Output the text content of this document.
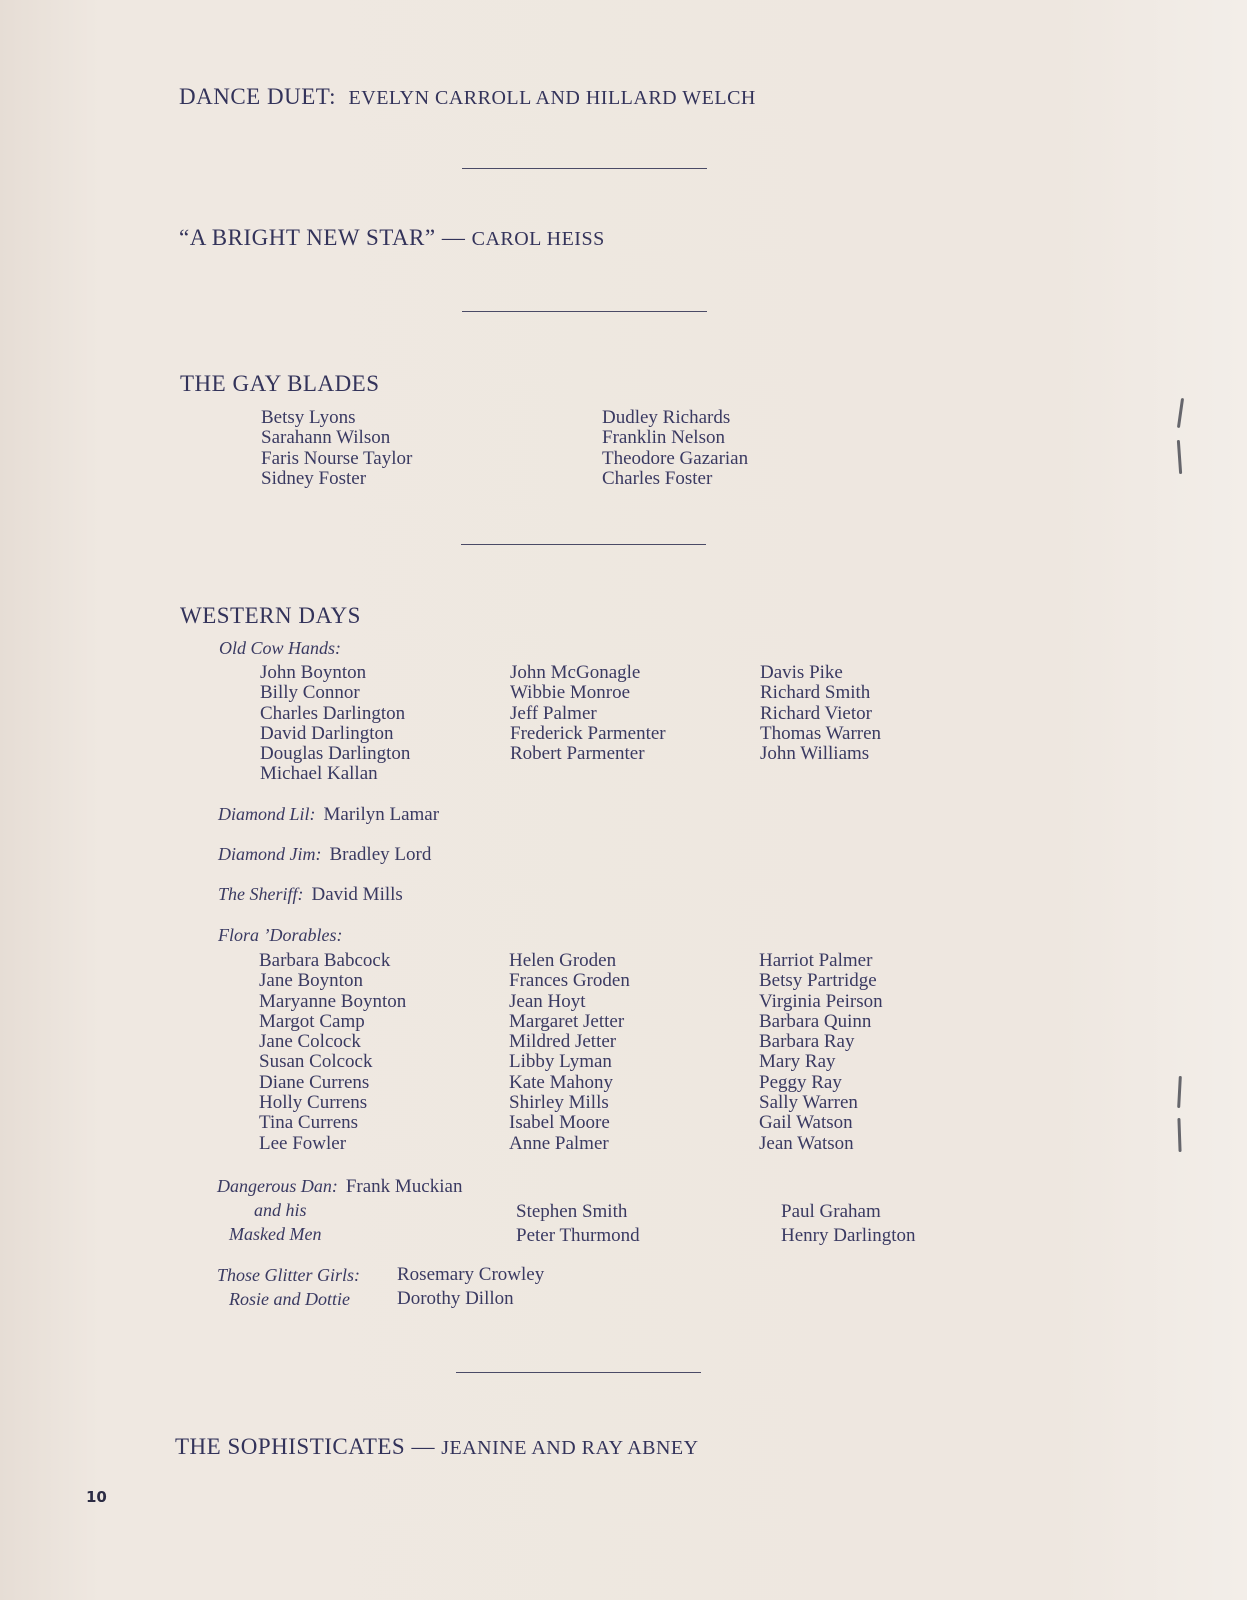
DANCE DUET: EVELYN CARROLL AND HILLARD WELCH
“A BRIGHT NEW STAR” — CAROL HEISS
THE GAY BLADES
Betsy Lyons
Sarahann Wilson
Faris Nourse Taylor
Sidney Foster
Dudley Richards
Franklin Nelson
Theodore Gazarian
Charles Foster
WESTERN DAYS
Old Cow Hands:
John Boynton
Billy Connor
Charles Darlington
David Darlington
Douglas Darlington
Michael Kallan
John McGonagle
Wibbie Monroe
Jeff Palmer
Frederick Parmenter
Robert Parmenter
Davis Pike
Richard Smith
Richard Vietor
Thomas Warren
John Williams
Diamond Lil: Marilyn Lamar
Diamond Jim: Bradley Lord
The Sheriff: David Mills
Flora ’Dorables:
Barbara Babcock
Jane Boynton
Maryanne Boynton
Margot Camp
Jane Colcock
Susan Colcock
Diane Currens
Holly Currens
Tina Currens
Lee Fowler
Helen Groden
Frances Groden
Jean Hoyt
Margaret Jetter
Mildred Jetter
Libby Lyman
Kate Mahony
Shirley Mills
Isabel Moore
Anne Palmer
Harriot Palmer
Betsy Partridge
Virginia Peirson
Barbara Quinn
Barbara Ray
Mary Ray
Peggy Ray
Sally Warren
Gail Watson
Jean Watson
Dangerous Dan: Frank Muckian
and his
Masked Men
Stephen Smith
Peter Thurmond
Paul Graham
Henry Darlington
Those Glitter Girls: Rosemary Crowley
Rosie and Dottie Dorothy Dillon
THE SOPHISTICATES — JEANINE AND RAY ABNEY
10
